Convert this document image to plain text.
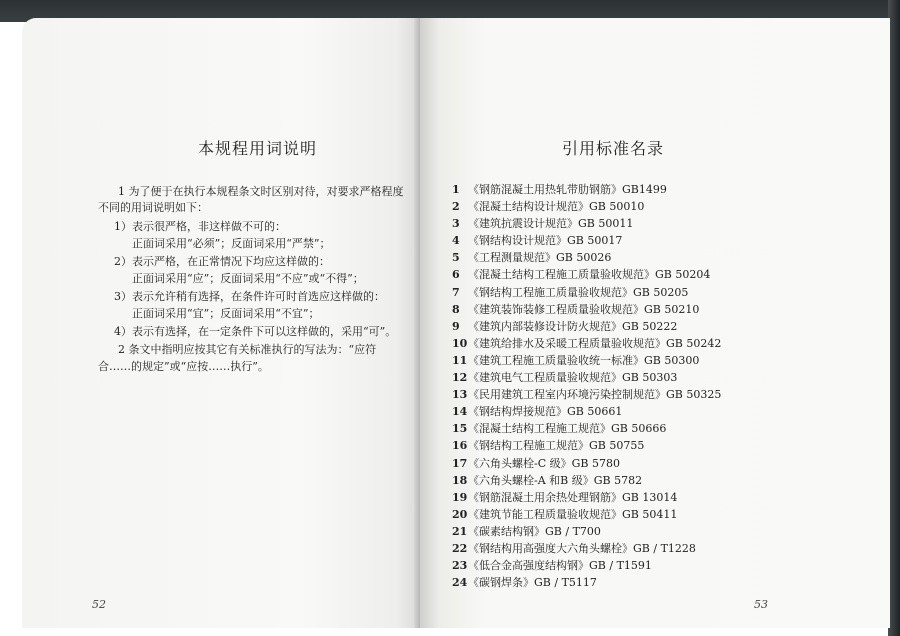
本规程用词说明
1 为了便于在执行本规程条文时区别对待，对要求严格程度
不同的用词说明如下：
1）表示很严格，非这样做不可的：
正面词采用“必须”；反面词采用“严禁”；
2）表示严格，在正常情况下均应这样做的：
正面词采用“应”；反面词采用“不应”或“不得”；
3）表示允许稍有选择，在条件许可时首选应这样做的：
正面词采用“宜”；反面词采用“不宜”；
4）表示有选择，在一定条件下可以这样做的，采用“可”。
2 条文中指明应按其它有关标准执行的写法为：“应符
合……的规定”或“应按……执行”。
52
引用标准名录
1 《钢筋混凝土用热轧带肋钢筋》GB1499
2 《混凝土结构设计规范》GB 50010
3 《建筑抗震设计规范》GB 50011
4 《钢结构设计规范》GB 50017
5 《工程测量规范》GB 50026
6 《混凝土结构工程施工质量验收规范》GB 50204
7 《钢结构工程施工质量验收规范》GB 50205
8 《建筑装饰装修工程质量验收规范》GB 50210
9 《建筑内部装修设计防火规范》GB 50222
10《建筑给排水及采暖工程质量验收规范》GB 50242
11《建筑工程施工质量验收统一标准》GB 50300
12《建筑电气工程质量验收规范》GB 50303
13《民用建筑工程室内环境污染控制规范》GB 50325
14《钢结构焊接规范》GB 50661
15《混凝土结构工程施工规范》GB 50666
16《钢结构工程施工规范》GB 50755
17《六角头螺栓-C 级》GB 5780
18《六角头螺栓-A 和B 级》GB 5782
19《钢筋混凝土用余热处理钢筋》GB 13014
20《建筑节能工程质量验收规范》GB 50411
21《碳素结构钢》GB / T700
22《钢结构用高强度大六角头螺栓》GB / T1228
23《低合金高强度结构钢》GB / T1591
24《碳钢焊条》GB / T5117
53
